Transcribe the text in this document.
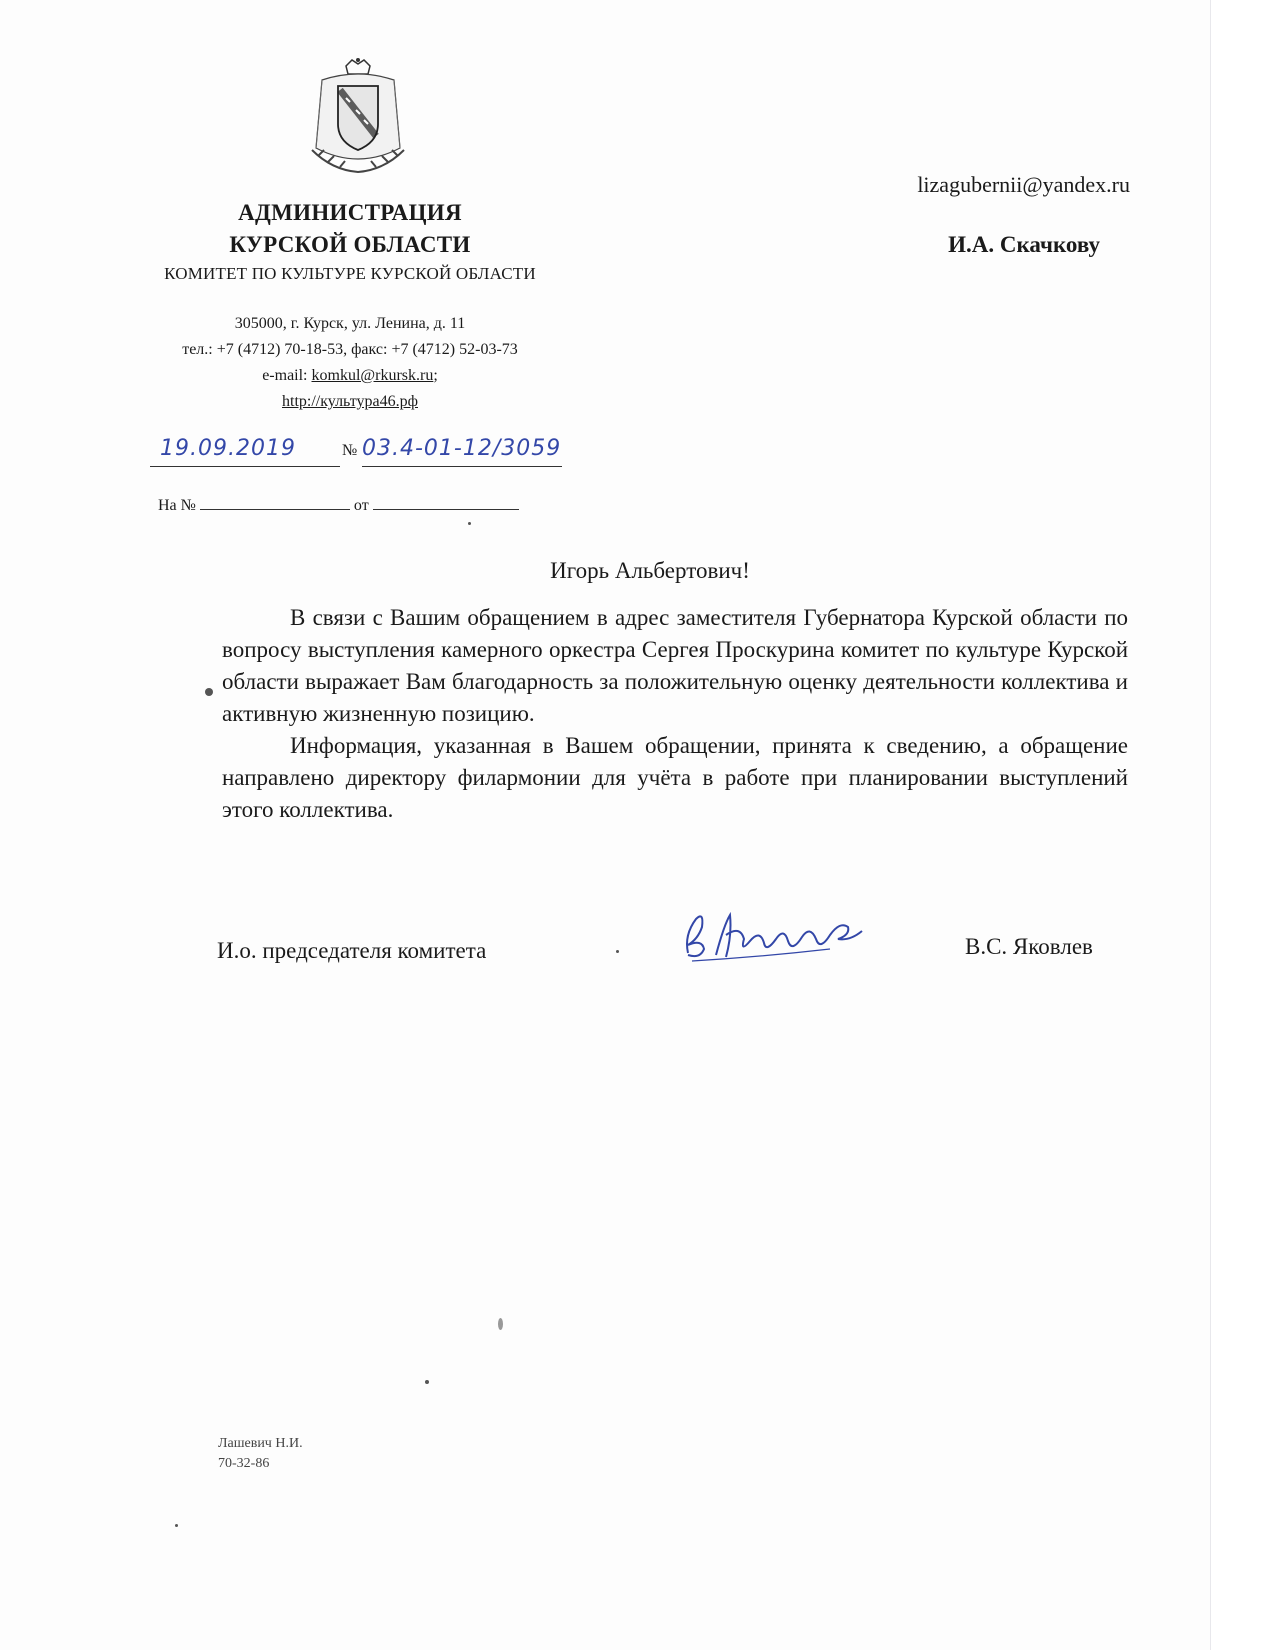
АДМИНИСТРАЦИЯ
КУРСКОЙ ОБЛАСТИ
КОМИТЕТ ПО КУЛЬТУРЕ КУРСКОЙ ОБЛАСТИ
305000, г. Курск, ул. Ленина, д. 11
тел.: +7 (4712) 70-18-53, факс: +7 (4712) 52-03-73
e-mail: komkul@rkursk.ru;
http://культура46.рф
19.09.2019	№ 03.4-01-12/3059
На №	от
lizagubernii@yandex.ru
И.А. Скачкову
Игорь Альбертович!

В связи с Вашим обращением в адрес заместителя Губернатора Курской области по вопросу выступления камерного оркестра Сергея Проскурина комитет по культуре Курской области выражает Вам благодарность за положительную оценку деятельности коллектива и активную жизненную позицию.

Информация, указанная в Вашем обращении, принята к сведению, а обращение направлено директору филармонии для учёта в работе при планировании выступлений этого коллектива.

И.о. председателя комитета	В.С. Яковлев
Лашевич Н.И.
70-32-86
